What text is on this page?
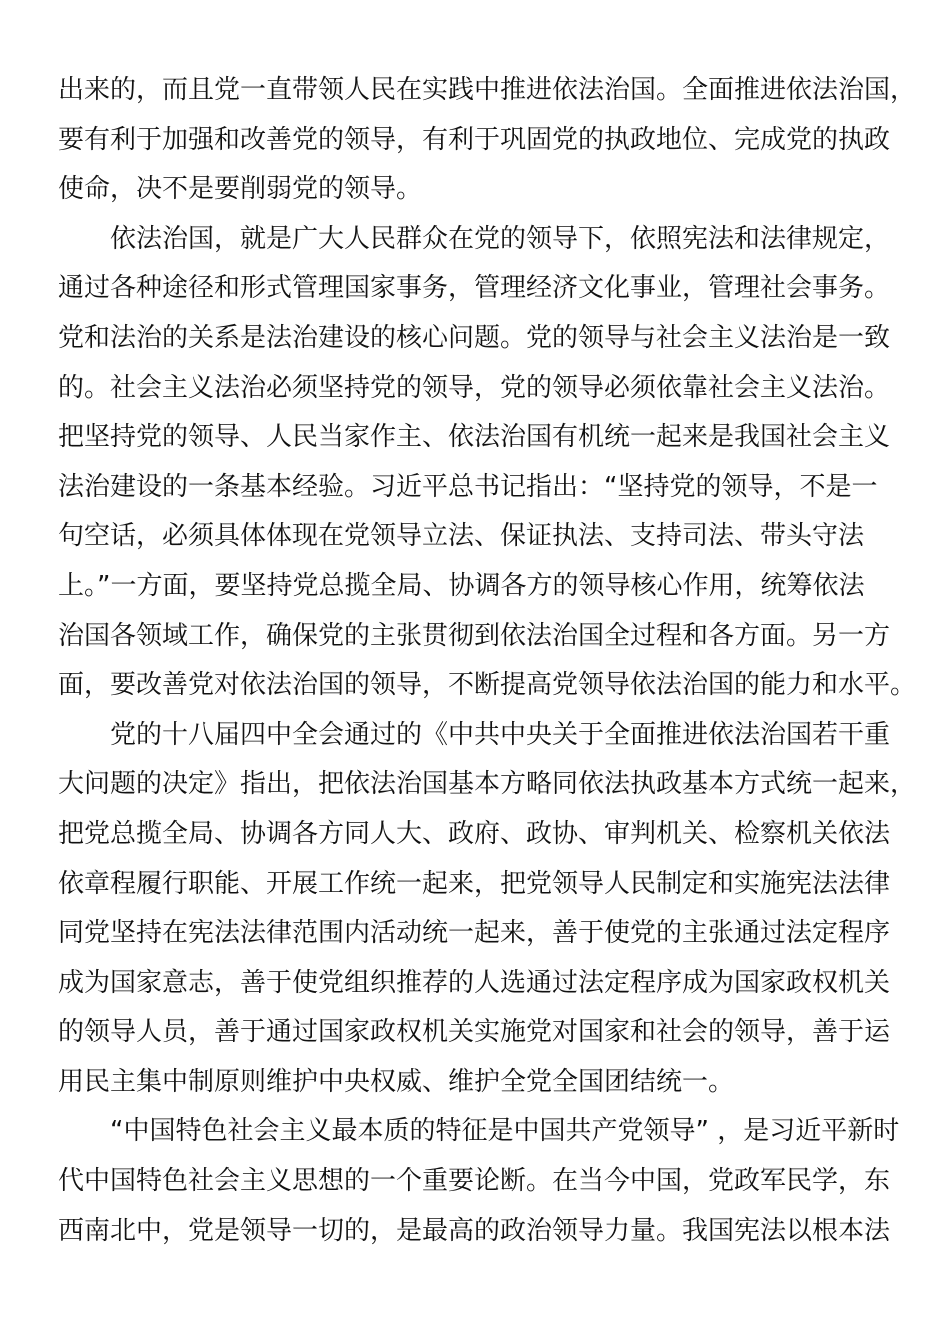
出来的，而且党一直带领人民在实践中推进依法治国。全面推进依法治国，
要有利于加强和改善党的领导，有利于巩固党的执政地位、完成党的执政
使命，决不是要削弱党的领导。
依法治国，就是广大人民群众在党的领导下，依照宪法和法律规定，
通过各种途径和形式管理国家事务，管理经济文化事业，管理社会事务。
党和法治的关系是法治建设的核心问题。党的领导与社会主义法治是一致
的。社会主义法治必须坚持党的领导，党的领导必须依靠社会主义法治。
把坚持党的领导、人民当家作主、依法治国有机统一起来是我国社会主义
法治建设的一条基本经验。习近平总书记指出：“坚持党的领导，不是一
句空话，必须具体体现在党领导立法、保证执法、支持司法、带头守法
上。”一方面，要坚持党总揽全局、协调各方的领导核心作用，统筹依法
治国各领域工作，确保党的主张贯彻到依法治国全过程和各方面。另一方
面，要改善党对依法治国的领导，不断提高党领导依法治国的能力和水平。
党的十八届四中全会通过的《中共中央关于全面推进依法治国若干重
大问题的决定》指出，把依法治国基本方略同依法执政基本方式统一起来，
把党总揽全局、协调各方同人大、政府、政协、审判机关、检察机关依法
依章程履行职能、开展工作统一起来，把党领导人民制定和实施宪法法律
同党坚持在宪法法律范围内活动统一起来，善于使党的主张通过法定程序
成为国家意志，善于使党组织推荐的人选通过法定程序成为国家政权机关
的领导人员，善于通过国家政权机关实施党对国家和社会的领导，善于运
用民主集中制原则维护中央权威、维护全党全国团结统一。
“中国特色社会主义最本质的特征是中国共产党领导” ，是习近平新时
代中国特色社会主义思想的一个重要论断。在当今中国，党政军民学，东
西南北中，党是领导一切的，是最高的政治领导力量。我国宪法以根本法
